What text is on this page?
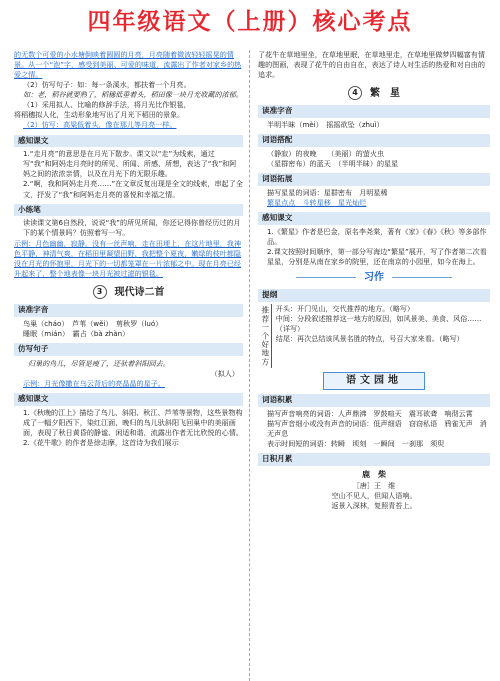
四年级语文（上册）核心考点

的无数个可爱的小水塘倒映着圆圆的月亮，月亮随着微波轻轻摇晃的情景。从一个“泡”字，感受到美丽、可爱的味道，流露出了作者对家乡的热爱之情。

（2）仿写句子：如：每一条溪水，都扶着一个月亮。

如：老，稻谷就要熟了，稻穗低垂着头，稻田像一块月光收藏的浓郁。

（1）采用拟人、比喻的修辞手法，将月光比作银毯，

将稻穗拟人化，生动形象地写出了月光下稻田的景象。

（2）仿写：高粱低着头，像在那儿等月亮一样。

感知课文

1.“走月亮”的意思是在月光下散步。课文以“走”为线索，通过写“我”和阿妈走月亮时的所见、所闻、所感、所想，表达了“我”和阿妈之间的浓浓亲情，以及在月光下的无限乐趣。

2.“啊，我和阿妈走月亮……”在文章反复出现是全文的线索，串起了全文，抒发了“我”和阿妈走月亮的喜悦和幸福之情。

小练笔

读读课文第6自然段，说说“我”的所见所闻，你还记得你曾经历过的月下的某个情景吗？仿照着写一写。

示例：月色幽幽，寂静，没有一丝声响，走在田埂上，在这片地里，我神色平静，神清气爽，在稻田里凝望田野，我把整个夏夜，嫩绿的枝叶都隐没在月光的怀抱里，月光下的一切都笼罩在一片浓郁之中。现在月亮已经升起来了，整个地表像一块月光被过滤的银毯。

3 现代诗二首
读准字音

鸟巢（cháo）　芦苇（wěi）　剪秋罗（luó）

睡眠（mián）　霸占（bà zhàn）

仿写句子

归巢的鸟儿，尽管是瘦了，还驮着斜阳回去。

（拟人）

示例：月光像撒在乌云背后的亮晶晶的星子。

感知课文

1.《秋晚的江上》描绘了鸟儿、斜阳、秋江、芦苇等景物，这些景物构成了一幅夕阳西下，染红江面，晚归的鸟儿驮斜阳飞回巢中的美丽画面，表现了秋日黄昏的静谧、闲适和谐，流露出作者无比欣悦的心情。

2.《花牛歌》的作者是徐志摩，这首诗为我们展示

了花牛在草地里坐，在草地里眠，在草地里走，在草地里做梦四幅富有情趣的图画，表现了花牛的自由自在，表达了诗人对生活的热爱和对自由的追求。

4 繁　星
读准字音

半明半昧（mèi）　摇摇欲坠（zhuì）

词语搭配

（静寂）的夜晚　　（美丽）的萤火虫

（星群密布）的蓝天　（半明半昧）的星星

词语拓展

描写星星的词语：星群密布　月明星稀

繁星点点　斗转星移　星光灿烂

感知课文

1.《繁星》作者是巴金，原名李尧棠，著有《家》《春》《秋》等多部作品。

2.课文按照时间顺序，第一部分写海边“繁星”展开，写了作者第二次看星星，分别是从南在家乡的院里，还在南京的小园里，如今在海上。

习作
提纲
推荐一个好地方 开头：开门见山，交代推荐的地方。（略写）

中间：分段叙述推荐这一地方的原因，如风景美、美食、风俗……（详写）

结尾：再次总结该风景名胜的特点，号召大家来看。（略写）

语文园地
词语积累

描写声音响亮的词语：人声鼎沸　罗鼓喧天　震耳欲聋　响彻云霄

描写声音细小或没有声音的词语：低声细语　窃窃私语　鸦雀无声　消无声息

表示时间短的词语：转瞬　顷刻　一瞬间　一刹那　须臾

日积月累
鹿　柴
［唐］王　维
空山不见人，但闻人语响。
返景入深林，复照青苔上。
